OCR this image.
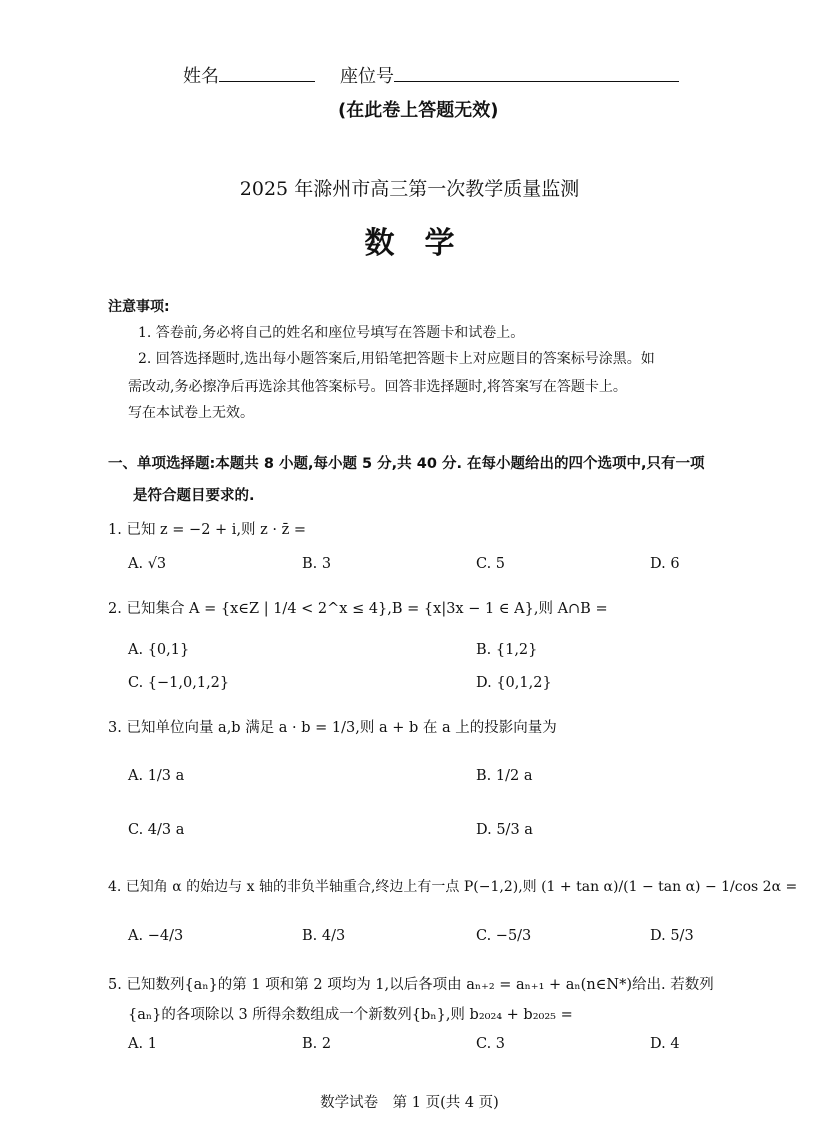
姓名	座位号
(在此卷上答题无效)
2025 年滁州市高三第一次教学质量监测
数　学
注意事项:
1. 答卷前,务必将自己的姓名和座位号填写在答题卡和试卷上。
2. 回答选择题时,选出每小题答案后,用铅笔把答题卡上对应题目的答案标号涂黑。如
需改动,务必擦净后再选涂其他答案标号。回答非选择题时,将答案写在答题卡上。
写在本试卷上无效。
一、单项选择题:本题共 8 小题,每小题 5 分,共 40 分. 在每小题给出的四个选项中,只有一项
是符合题目要求的.
1. 已知 z = −2 + i,则 z · z̄ =
A. √3	B. 3	C. 5	D. 6
2. 已知集合 A = {x∈Z | 1/4 < 2^x ≤ 4},B = {x|3x − 1 ∈ A},则 A∩B =
A. {0,1}	B. {1,2}
C. {−1,0,1,2}	D. {0,1,2}
3. 已知单位向量 a,b 满足 a · b = 1/3,则 a + b 在 a 上的投影向量为
A. 1/3 a	B. 1/2 a
C. 4/3 a	D. 5/3 a
4. 已知角 α 的始边与 x 轴的非负半轴重合,终边上有一点 P(−1,2),则 (1 + tan α)/(1 − tan α) − 1/cos 2α =
A. −4/3	B. 4/3	C. −5/3	D. 5/3
5. 已知数列{aₙ}的第 1 项和第 2 项均为 1,以后各项由 aₙ₊₂ = aₙ₊₁ + aₙ(n∈N*)给出. 若数列
{aₙ}的各项除以 3 所得余数组成一个新数列{bₙ},则 b₂₀₂₄ + b₂₀₂₅ =
A. 1	B. 2	C. 3	D. 4
数学试卷　第 1 页(共 4 页)
